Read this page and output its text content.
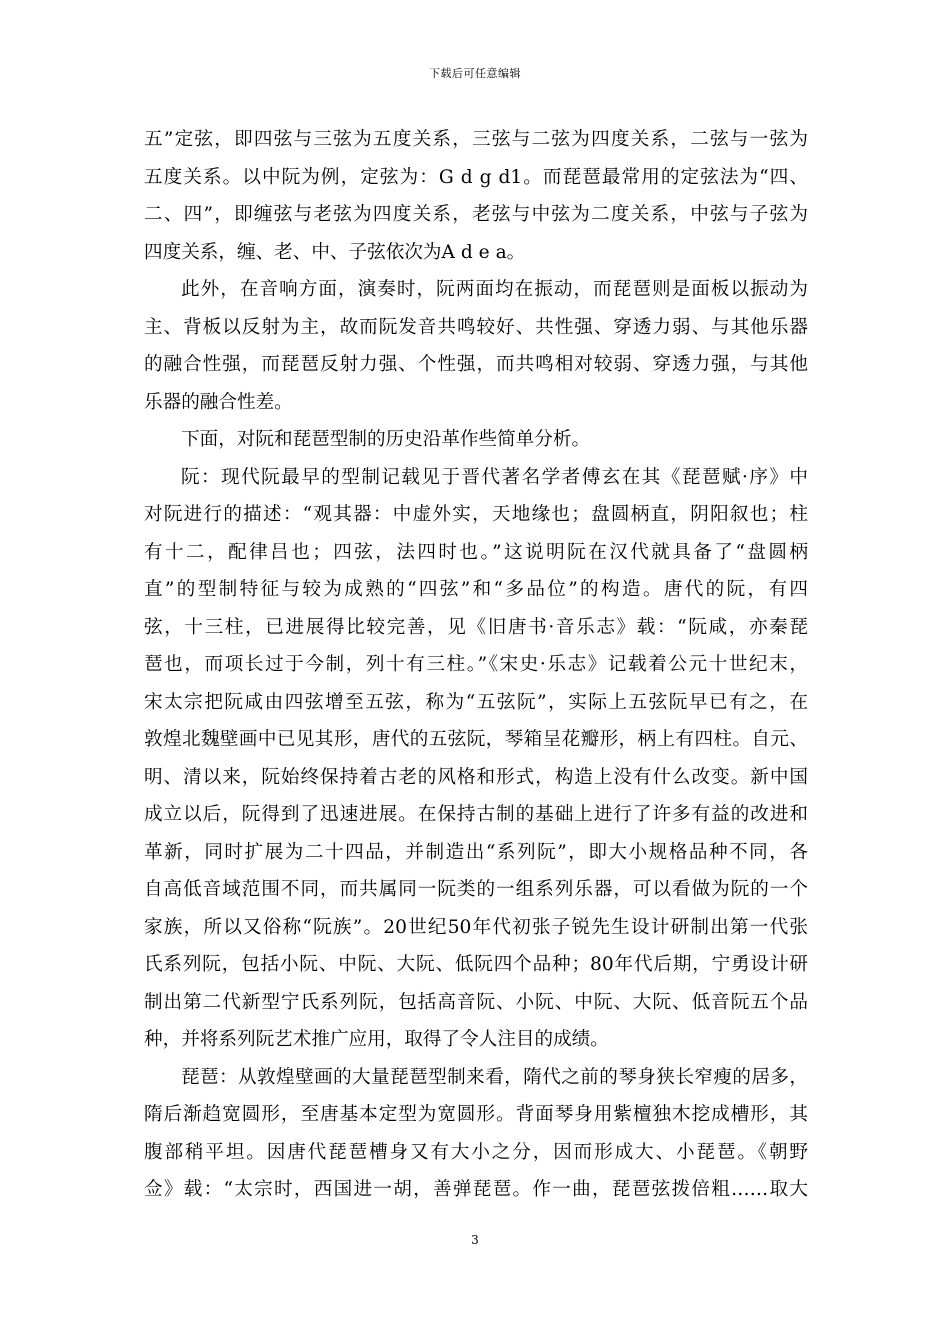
下载后可任意编辑

五”定弦，即四弦与三弦为五度关系，三弦与二弦为四度关系，二弦与一弦为
五度关系。以中阮为例，定弦为：G d g d1。而琵琶最常用的定弦法为“四、
二、四”，即缠弦与老弦为四度关系，老弦与中弦为二度关系，中弦与子弦为
四度关系，缠、老、中、子弦依次为A d e a。

此外，在音响方面，演奏时，阮两面均在振动，而琵琶则是面板以振动为
主、背板以反射为主，故而阮发音共鸣较好、共性强、穿透力弱、与其他乐器
的融合性强，而琵琶反射力强、个性强，而共鸣相对较弱、穿透力强，与其他
乐器的融合性差。

下面，对阮和琵琶型制的历史沿革作些简单分析。

阮：现代阮最早的型制记载见于晋代著名学者傅玄在其《琵琶赋·序》中
对阮进行的描述：“观其器：中虚外实，天地缘也；盘圆柄直，阴阳叙也；柱
有十二，配律吕也；四弦，法四时也。”这说明阮在汉代就具备了“盘圆柄
直”的型制特征与较为成熟的“四弦”和“多品位”的构造。唐代的阮，有四
弦，十三柱，已进展得比较完善，见《旧唐书·音乐志》载：“阮咸，亦秦琵
琶也，而项长过于今制，列十有三柱。”《宋史·乐志》记载着公元十世纪末，
宋太宗把阮咸由四弦增至五弦，称为“五弦阮”，实际上五弦阮早已有之，在
敦煌北魏壁画中已见其形，唐代的五弦阮，琴箱呈花瓣形，柄上有四柱。自元、
明、清以来，阮始终保持着古老的风格和形式，构造上没有什么改变。新中国
成立以后，阮得到了迅速进展。在保持古制的基础上进行了许多有益的改进和
革新，同时扩展为二十四品，并制造出“系列阮”，即大小规格品种不同，各
自高低音域范围不同，而共属同一阮类的一组系列乐器，可以看做为阮的一个
家族，所以又俗称“阮族”。20世纪50年代初张子锐先生设计研制出第一代张
氏系列阮，包括小阮、中阮、大阮、低阮四个品种；80年代后期，宁勇设计研
制出第二代新型宁氏系列阮，包括高音阮、小阮、中阮、大阮、低音阮五个品
种，并将系列阮艺术推广应用，取得了令人注目的成绩。

琵琶：从敦煌壁画的大量琵琶型制来看，隋代之前的琴身狭长窄瘦的居多，
隋后渐趋宽圆形，至唐基本定型为宽圆形。背面琴身用紫檀独木挖成槽形，其
腹部稍平坦。因唐代琵琶槽身又有大小之分，因而形成大、小琵琶。《朝野
佥》载：“太宗时，西国进一胡，善弹琵琶。作一曲，琵琶弦拨倍粗……取大

3
